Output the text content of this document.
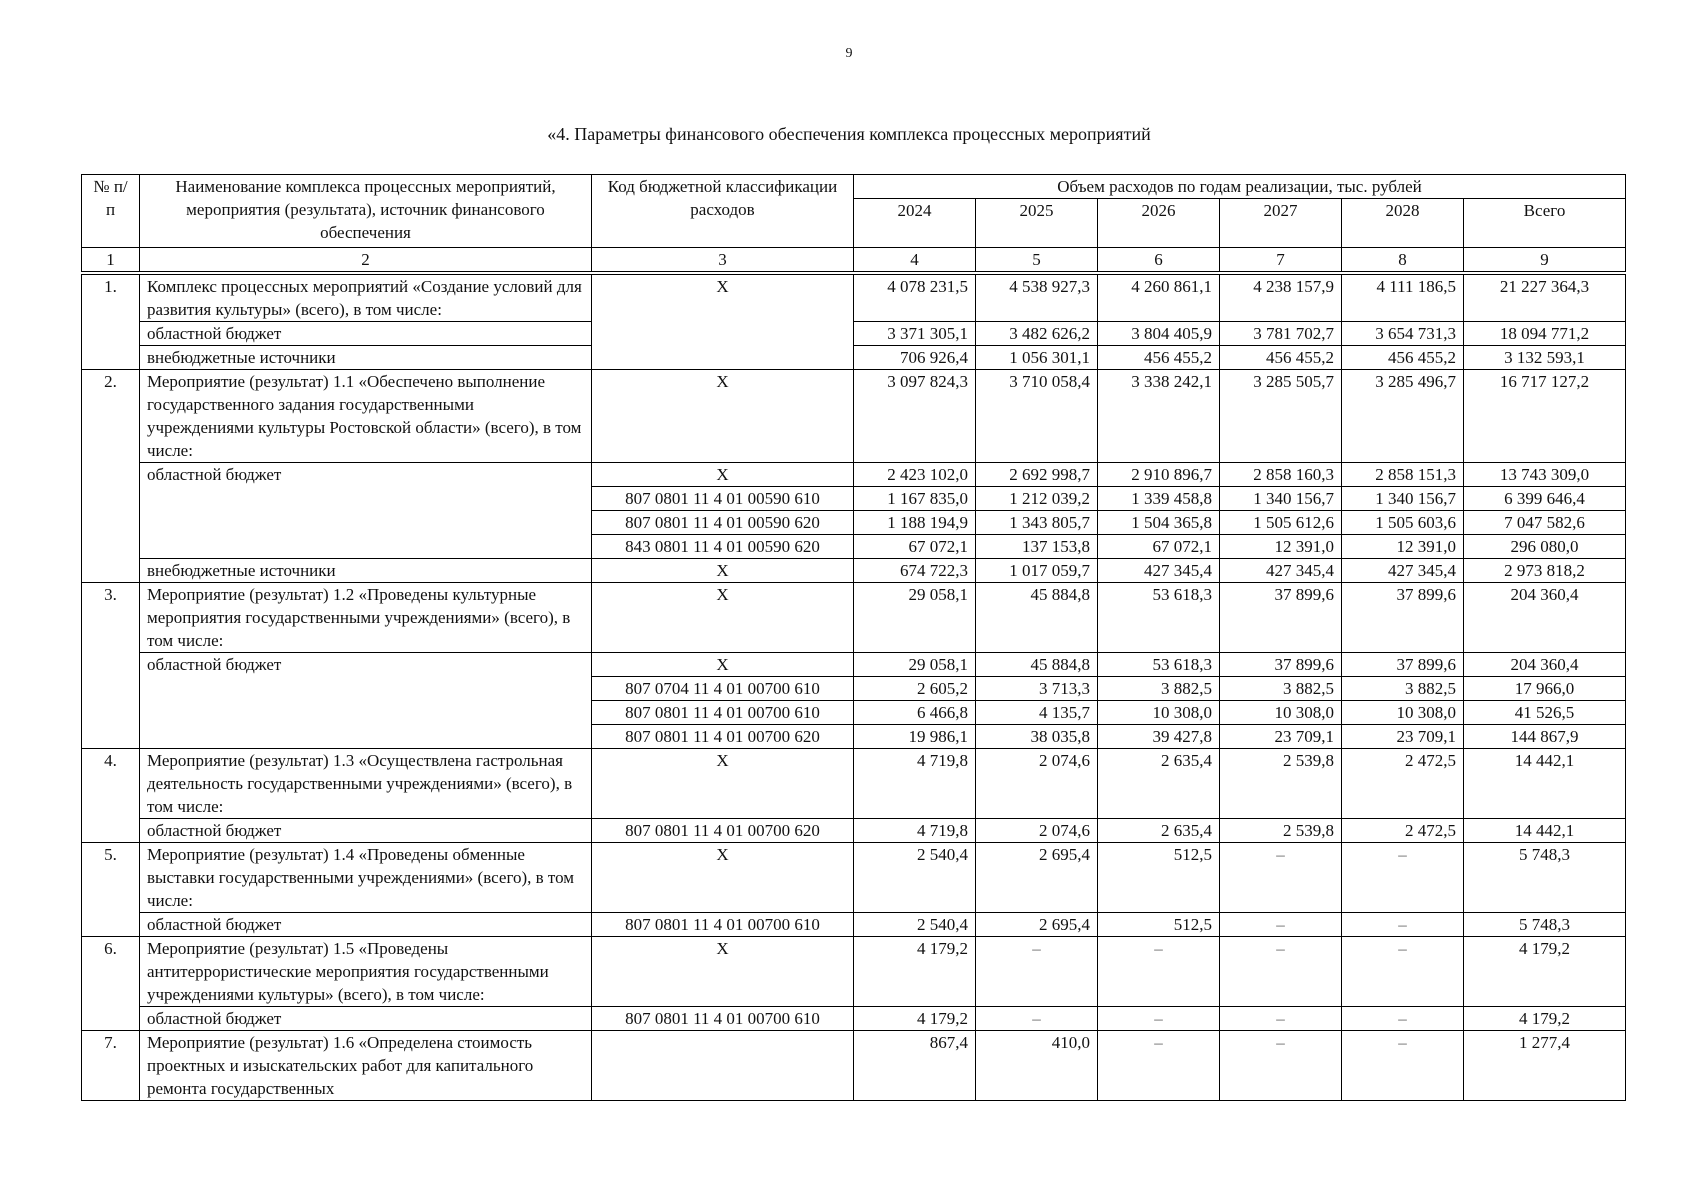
9
«4. Параметры финансового обеспечения комплекса процессных мероприятий
№ п/п	Наименование комплекса процессных мероприятий, мероприятия (результата), источник финансового обеспечения	Код бюджетной классификации расходов	Объем расходов по годам реализации, тыс. рублей					
			2024	2025	2026	2027	2028	Всего
1	2	3	4	5	6	7	8	9
1.	Комплекс процессных мероприятий «Создание условий для развития культуры» (всего), в том числе:	X	4 078 231,5	4 538 927,3	4 260 861,1	4 238 157,9	4 111 186,5	21 227 364,3
	областной бюджет		3 371 305,1	3 482 626,2	3 804 405,9	3 781 702,7	3 654 731,3	18 094 771,2
	внебюджетные источники		706 926,4	1 056 301,1	456 455,2	456 455,2	456 455,2	3 132 593,1
2.	Мероприятие (результат) 1.1 «Обеспечено выполнение государственного задания государственными учреждениями культуры Ростовской области» (всего), в том числе:	X	3 097 824,3	3 710 058,4	3 338 242,1	3 285 505,7	3 285 496,7	16 717 127,2
	областной бюджет	X	2 423 102,0	2 692 998,7	2 910 896,7	2 858 160,3	2 858 151,3	13 743 309,0
		807 0801 11 4 01 00590 610	1 167 835,0	1 212 039,2	1 339 458,8	1 340 156,7	1 340 156,7	6 399 646,4
		807 0801 11 4 01 00590 620	1 188 194,9	1 343 805,7	1 504 365,8	1 505 612,6	1 505 603,6	7 047 582,6
		843 0801 11 4 01 00590 620	67 072,1	137 153,8	67 072,1	12 391,0	12 391,0	296 080,0
	внебюджетные источники	X	674 722,3	1 017 059,7	427 345,4	427 345,4	427 345,4	2 973 818,2
3.	Мероприятие (результат) 1.2 «Проведены культурные мероприятия государственными учреждениями» (всего), в том числе:	X	29 058,1	45 884,8	53 618,3	37 899,6	37 899,6	204 360,4
	областной бюджет	X	29 058,1	45 884,8	53 618,3	37 899,6	37 899,6	204 360,4
		807 0704 11 4 01 00700 610	2 605,2	3 713,3	3 882,5	3 882,5	3 882,5	17 966,0
		807 0801 11 4 01 00700 610	6 466,8	4 135,7	10 308,0	10 308,0	10 308,0	41 526,5
		807 0801 11 4 01 00700 620	19 986,1	38 035,8	39 427,8	23 709,1	23 709,1	144 867,9
4.	Мероприятие (результат) 1.3 «Осуществлена гастрольная деятельность государственными учреждениями» (всего), в том числе:	X	4 719,8	2 074,6	2 635,4	2 539,8	2 472,5	14 442,1
	областной бюджет	807 0801 11 4 01 00700 620	4 719,8	2 074,6	2 635,4	2 539,8	2 472,5	14 442,1
5.	Мероприятие (результат) 1.4 «Проведены обменные выставки государственными учреждениями» (всего), в том числе:	X	2 540,4	2 695,4	512,5	–	–	5 748,3
	областной бюджет	807 0801 11 4 01 00700 610	2 540,4	2 695,4	512,5	–	–	5 748,3
6.	Мероприятие (результат) 1.5 «Проведены антитеррористические мероприятия государственными учреждениями культуры» (всего), в том числе:	X	4 179,2	–	–	–	–	4 179,2
	областной бюджет	807 0801 11 4 01 00700 610	4 179,2	–	–	–	–	4 179,2
7.	Мероприятие (результат) 1.6 «Определена стоимость проектных и изыскательских работ для капитального ремонта государственных		867,4	410,0	–	–	–	1 277,4
